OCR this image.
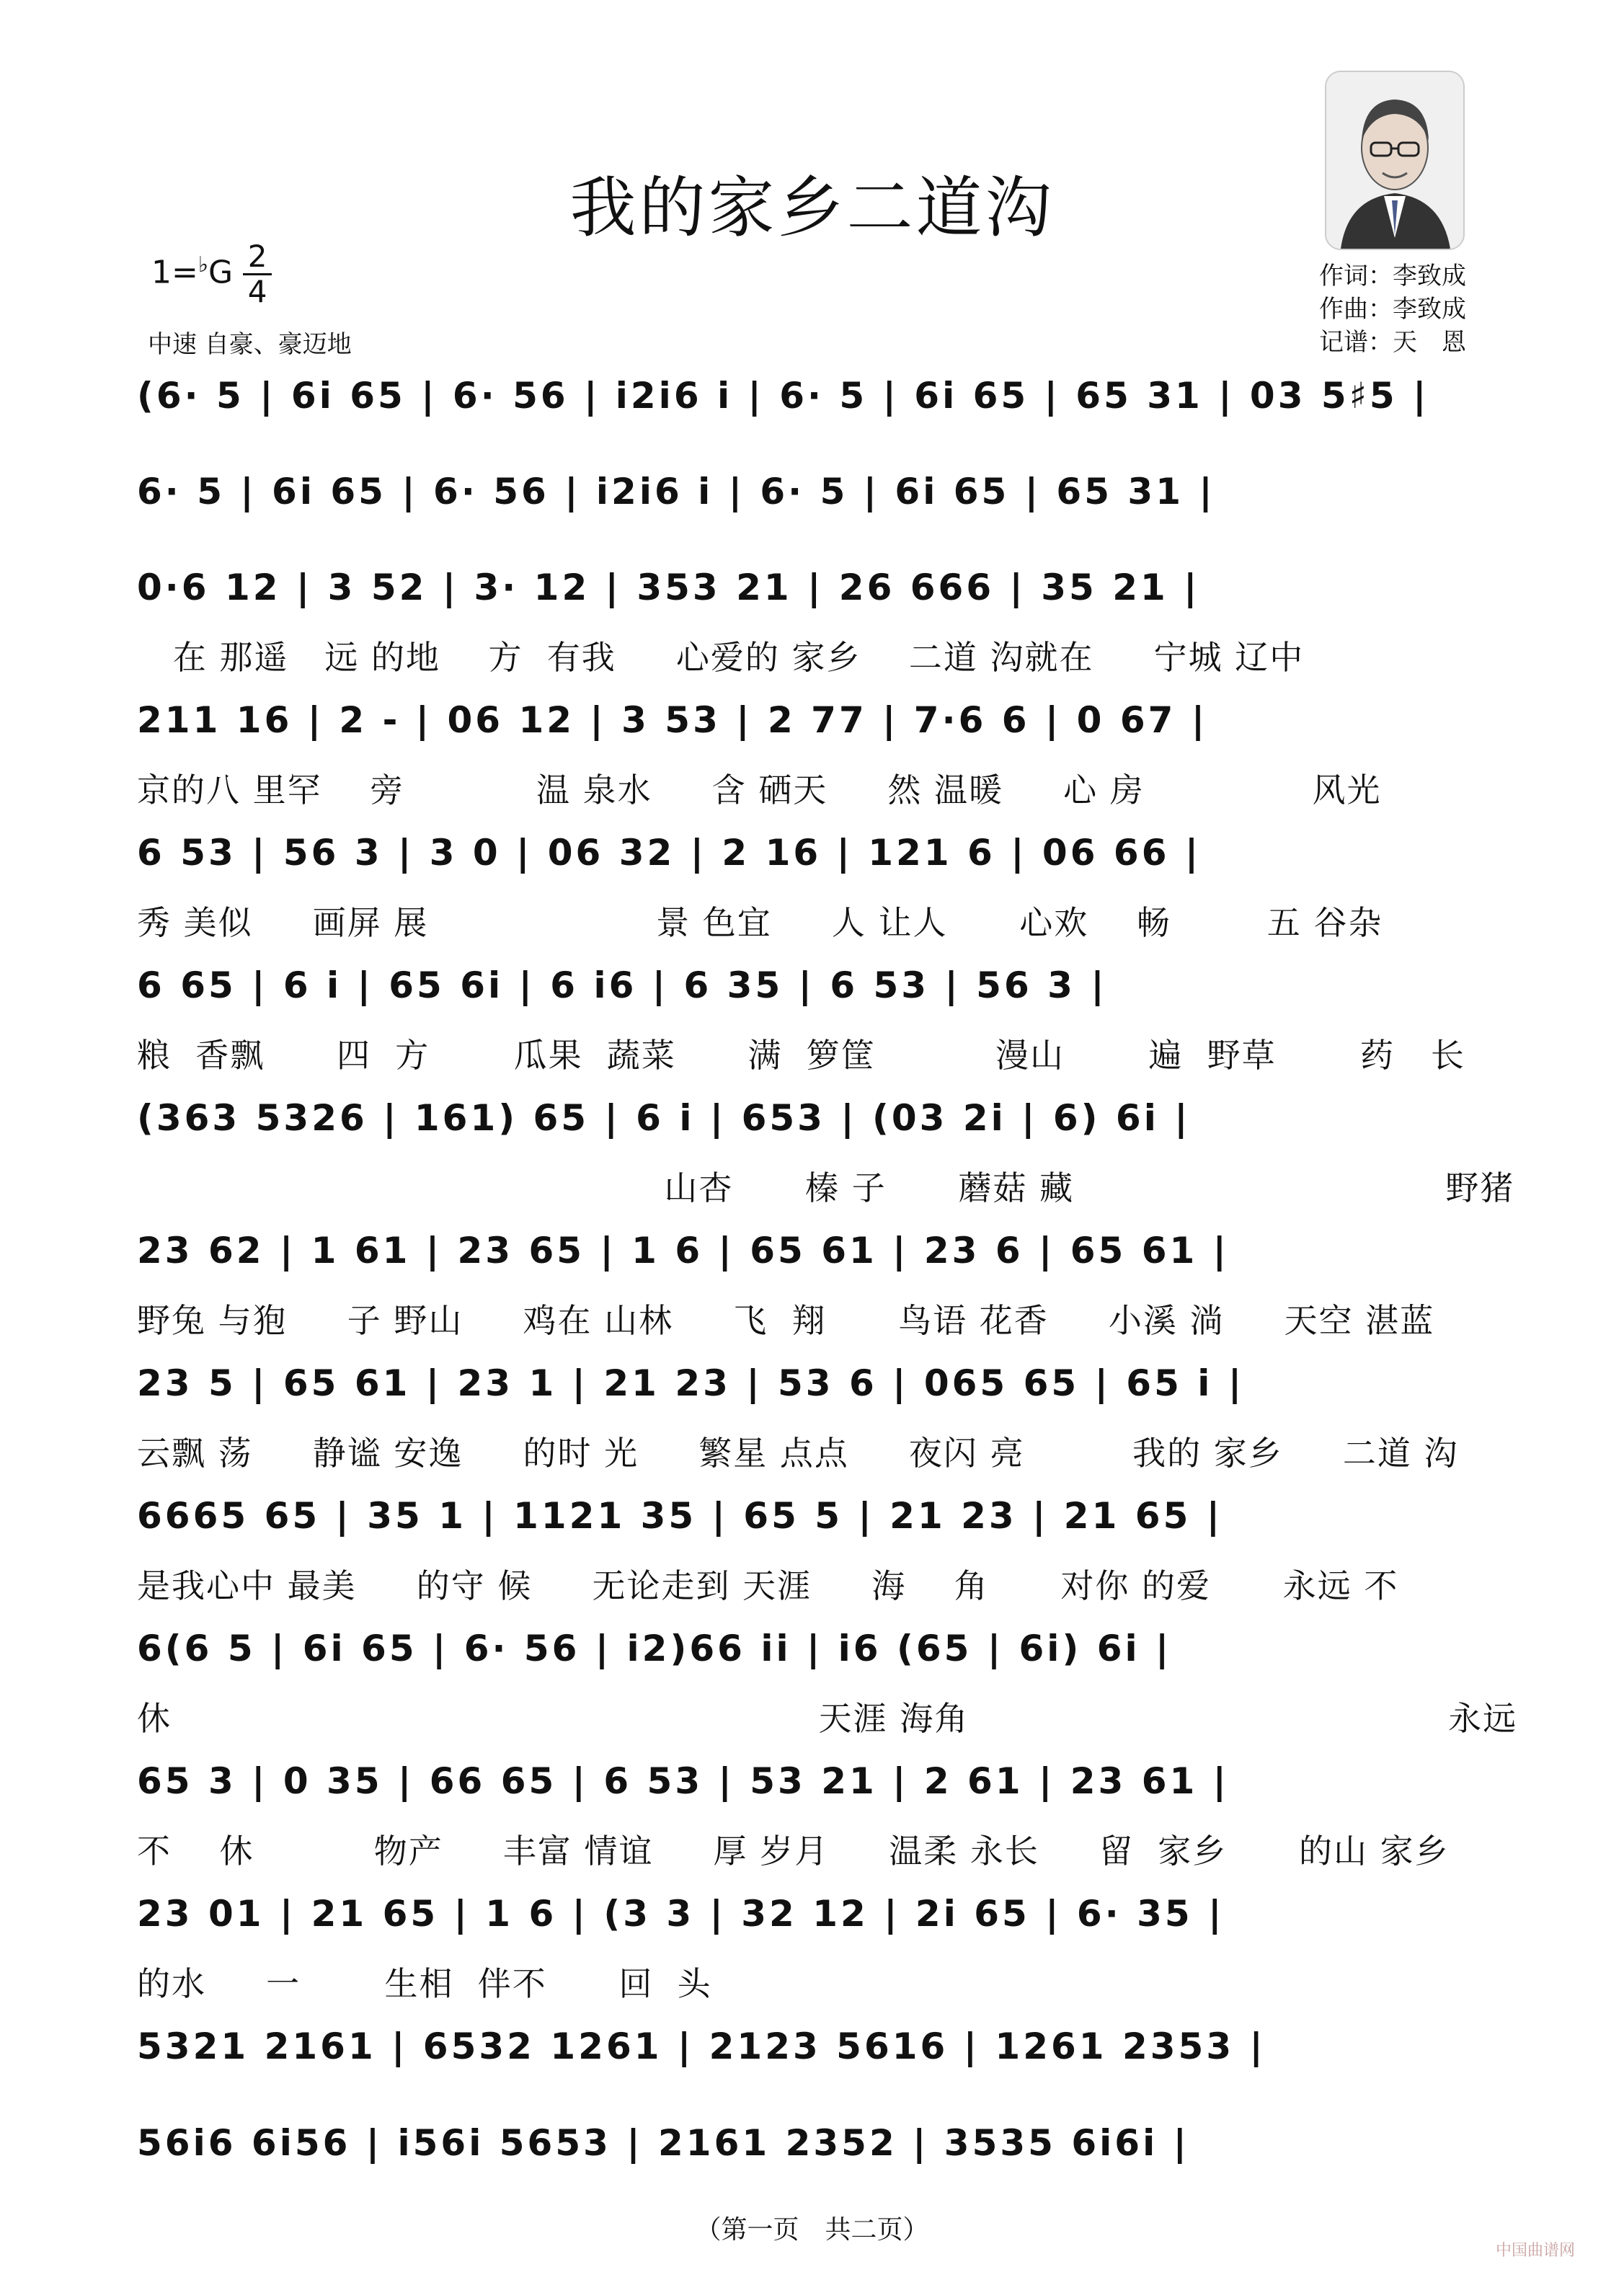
我的家乡二道沟
$1=^♭G \frac{2}{4}$
中速 自豪、豪迈地
作词：李致成
作曲：李致成
记谱：天　恩
(6· 5 | 6i 65 | 6· 56 | i2i6 i | 6· 5 | 6i 65 | 65 31 | 03 5♯5 |
6· 5 | 6i 65 | 6· 56 | i2i6 i | 6· 5 | 6i 65 | 65 31 |
0·6 12 | 3 52 | 3· 12 | 353 21 | 26 666 | 35 21 |
在 那遥   远 的地    方  有我     心爱的 家乡    二道 沟就在     宁城 辽中
211 16 | 2 - | 06 12 | 3 53 | 2 77 | 7·6 6 | 0 67 |
京的八 里罕    旁           温 泉水     含 硒天     然 温暖     心 房              风光
6 53 | 56 3 | 3 0 | 06 32 | 2 16 | 121 6 | 06 66 |
秀 美似     画屏 展                   景 色宜     人 让人      心欢    畅        五 谷杂
6 65 | 6 i | 65 6i | 6 i6 | 6 35 | 6 53 | 56 3 |
粮  香飘      四  方       瓜果  蔬菜      满  箩筐          漫山       遍  野草       药   长
(363 5326 | 161) 65 | 6 i | 653 | (03 2i | 6) 6i |
山杏      榛 子      蘑菇 藏                               野猪
23 62 | 1 61 | 23 65 | 1 6 | 65 61 | 23 6 | 65 61 |
野兔 与狍     子 野山     鸡在 山林     飞  翔      鸟语 花香     小溪 淌     天空 湛蓝
23 5 | 65 61 | 23 1 | 21 23 | 53 6 | 065 65 | 65 i |
云飘 荡     静谧 安逸     的时 光     繁星 点点     夜闪 亮         我的 家乡     二道 沟
6665 65 | 35 1 | 1121 35 | 65 5 | 21 23 | 21 65 |
是我心中 最美     的守 候     无论走到 天涯     海    角      对你 的爱      永远 不
6(6 5 | 6i 65 | 6· 56 | i2)66 ii | i6 (65 | 6i) 6i |
休                                                      天涯 海角                                        永远
65 3 | 0 35 | 66 65 | 6 53 | 53 21 | 2 61 | 23 61 |
不    休          物产     丰富 情谊     厚 岁月     温柔 永长     留  家乡      的山 家乡
23 01 | 21 65 | 1 6 | (3 3 | 32 12 | 2i 65 | 6· 35 |
的水     一       生相  伴不      回  头
5321 2161 | 6532 1261 | 2123 5616 | 1261 2353 |
56i6 6i56 | i56i 5653 | 2161 2352 | 3535 6i6i |
（第一页　共二页）
中国曲谱网
